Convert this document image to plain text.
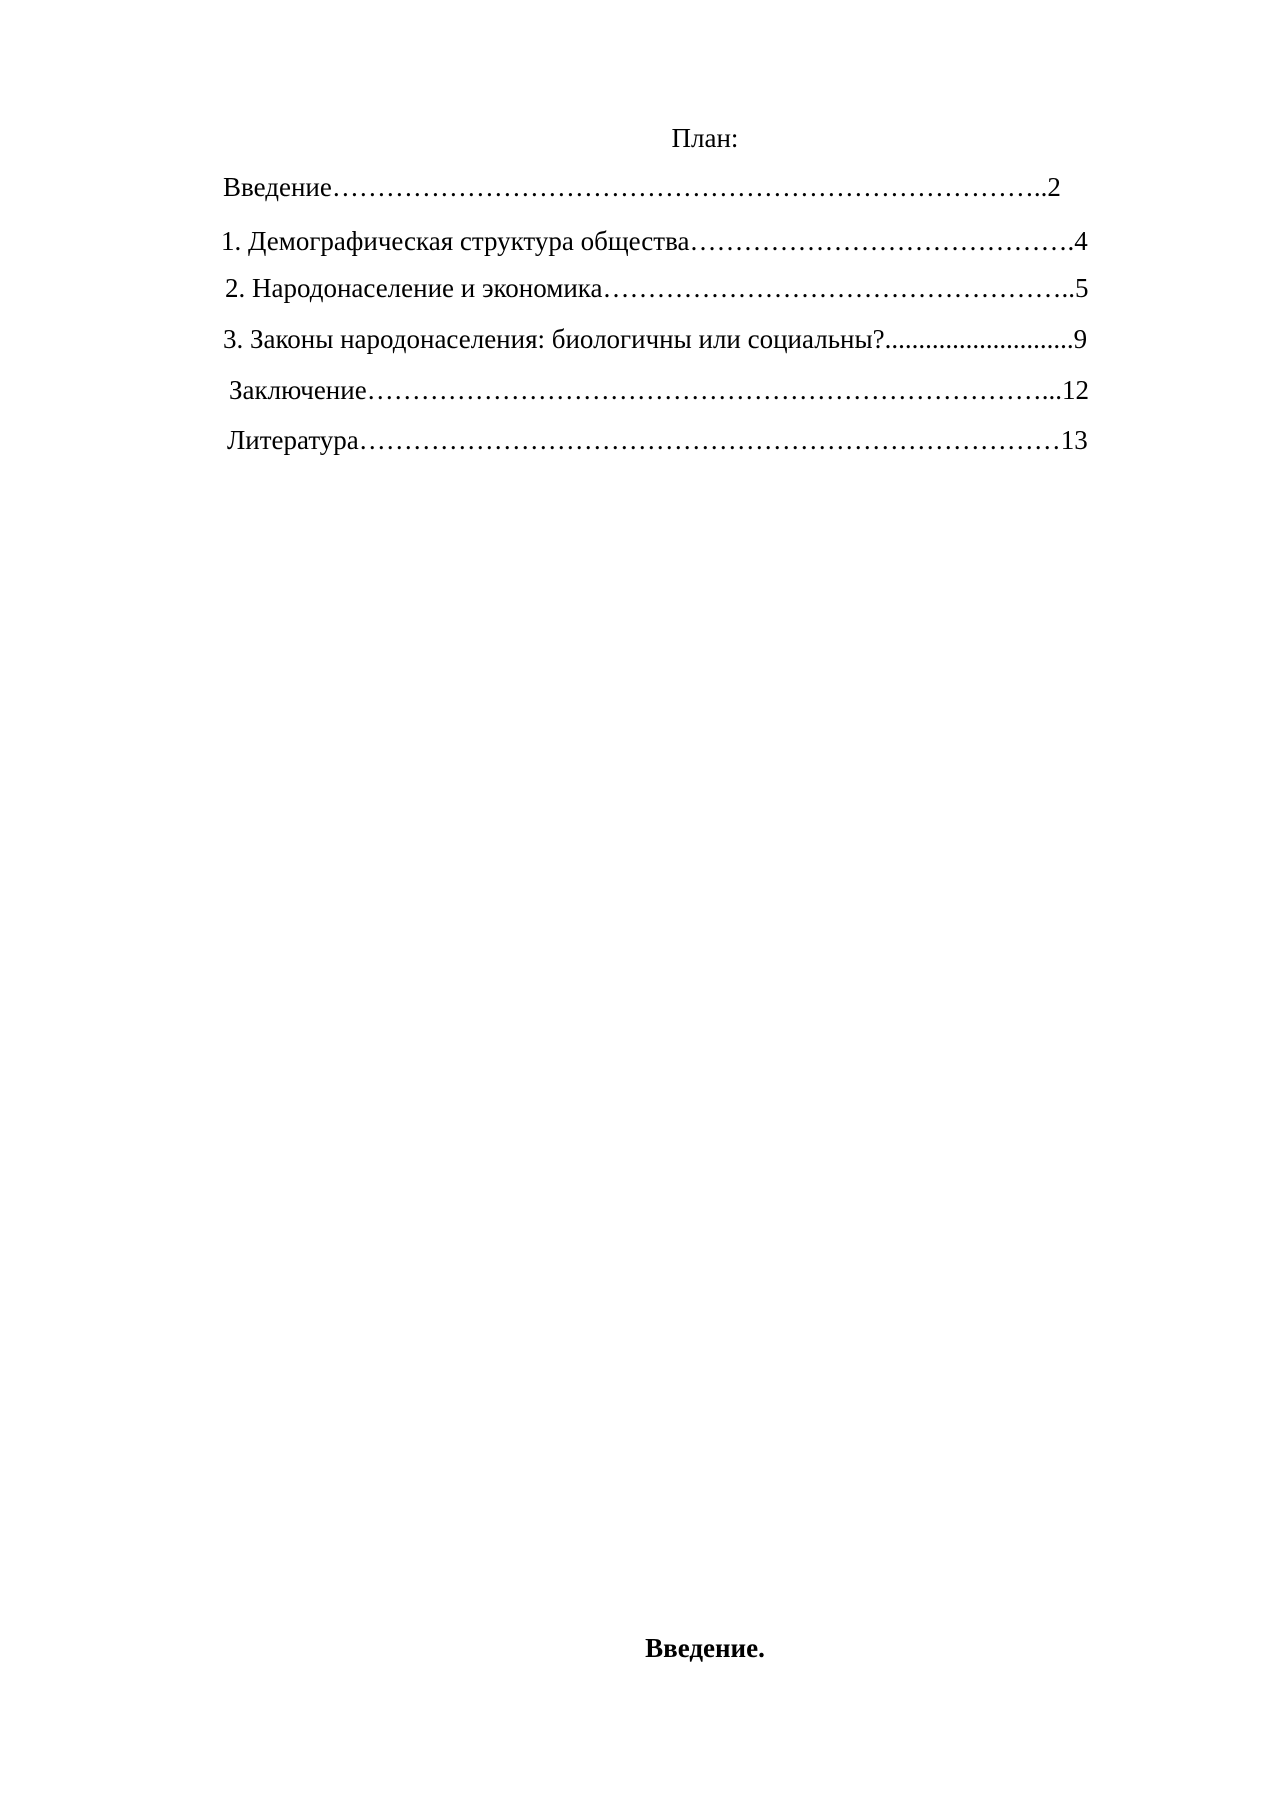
План:
Введение……………………………………………………………………..2
1. Демографическая структура общества…………………………………….4
2. Народонаселение и экономика……………………………………………..5
3. Законы народонаселения: биологичны или социальны?............................9
Заключение…………………………………………………………………...12
Литература……………………………………………………………………13
Введение.
